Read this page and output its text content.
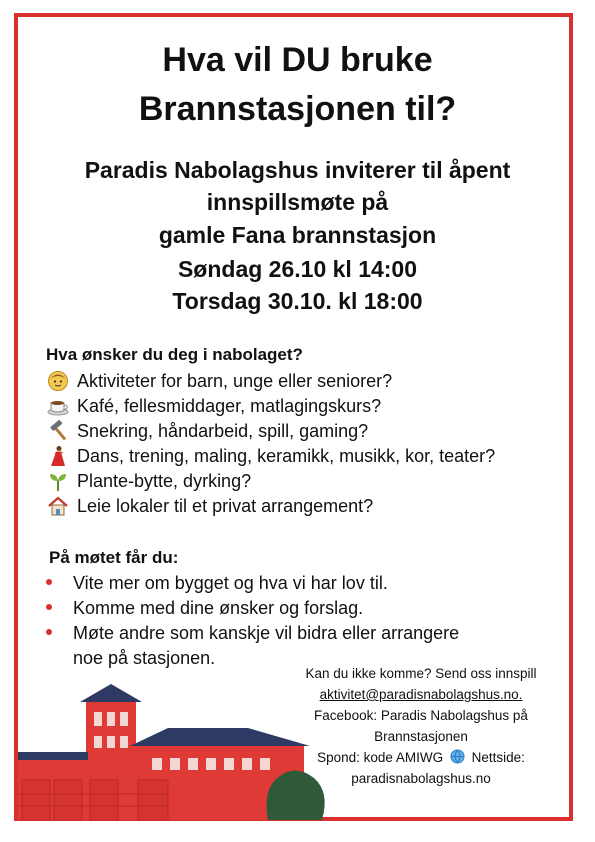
Hva vil DU bruke
Brannstasjonen til?
Paradis Nabolagshus inviterer til åpent
innspillsmøte på
gamle Fana brannstasjon
Søndag 26.10 kl 14:00
Torsdag 30.10. kl 18:00
Hva ønsker du deg i nabolaget?
Aktiviteter for barn, unge eller seniorer?
Kafé, fellesmiddager, matlagingskurs?
Snekring, håndarbeid, spill, gaming?
Dans, trening, maling, keramikk, musikk, kor, teater?
Plante-bytte, dyrking?
Leie lokaler til et privat arrangement?
På møtet får du:
Vite mer om bygget og hva vi har lov til.
Komme med dine ønsker og forslag.
Møte andre som kanskje vil bidra eller arrangere
noe på stasjonen.
Kan du ikke komme? Send oss innspill
aktivitet@paradisnabolagshus.no.
Facebook: Paradis Nabolagshus på
Brannstasjonen
Spond: kode AMIWG Nettside:
paradisnabolagshus.no
